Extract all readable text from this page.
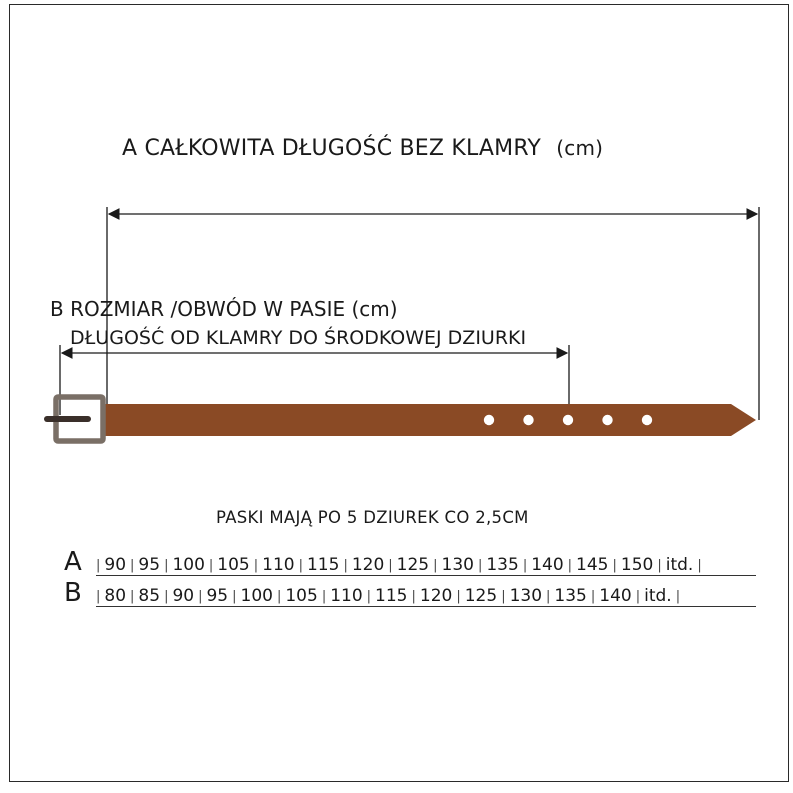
A CAŁKOWITA DŁUGOŚĆ BEZ KLAMRY (cm)
B ROZMIAR /OBWÓD W PASIE (cm)
DŁUGOŚĆ OD KLAMRY DO ŚRODKOWEJ DZIURKI
PASKI MAJĄ PO 5 DZIUREK CO 2,5CM
A | 90 | 95 | 100 | 105 | 110 | 115 | 120 | 125 | 130 | 135 | 140 | 145 | 150 | itd. |
B | 80 | 85 | 90 | 95 | 100 | 105 | 110 | 115 | 120 | 125 | 130 | 135 | 140 | itd. |
